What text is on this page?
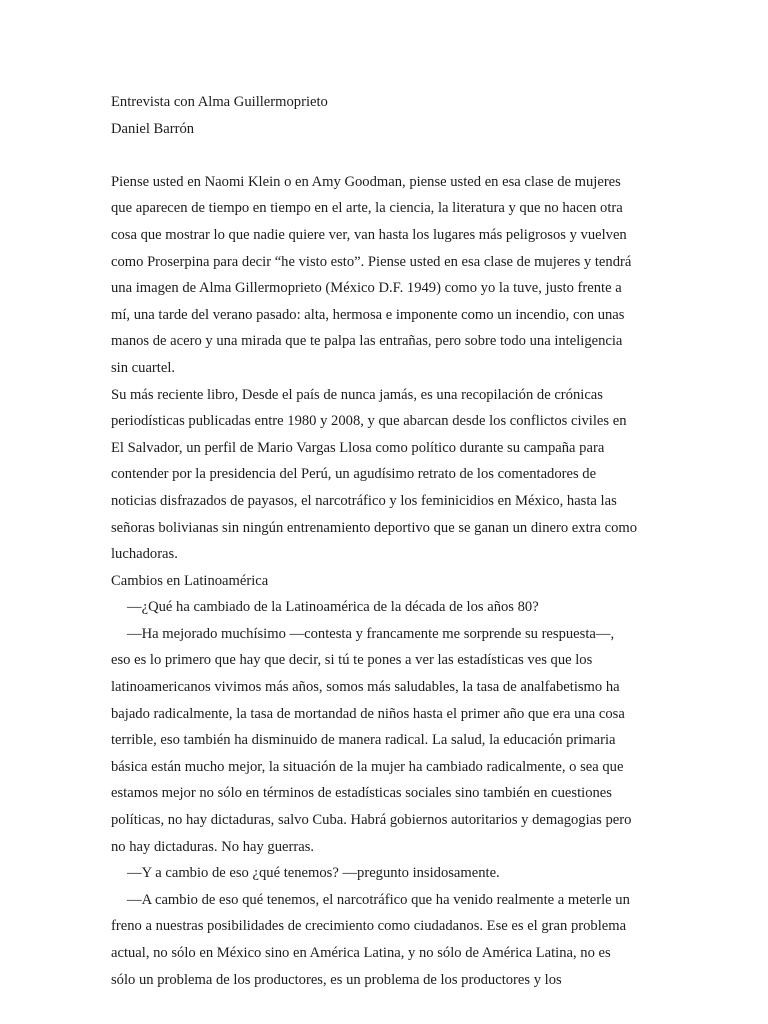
Entrevista con Alma Guillermoprieto
Daniel Barrón
Piense usted en Naomi Klein o en Amy Goodman, piense usted en esa clase de mujeres
que aparecen de tiempo en tiempo en el arte, la ciencia, la literatura y que no hacen otra
cosa que mostrar lo que nadie quiere ver, van hasta los lugares más peligrosos y vuelven
como Proserpina para decir “he visto esto”. Piense usted en esa clase de mujeres y tendrá
una imagen de Alma Gillermoprieto (México D.F. 1949) como yo la tuve, justo frente a
mí, una tarde del verano pasado: alta, hermosa e imponente como un incendio, con unas
manos de acero y una mirada que te palpa las entrañas, pero sobre todo una inteligencia
sin cuartel.
Su más reciente libro, Desde el país de nunca jamás, es una recopilación de crónicas
periodísticas publicadas entre 1980 y 2008, y que abarcan desde los conflictos civiles en
El Salvador, un perfil de Mario Vargas Llosa como político durante su campaña para
contender por la presidencia del Perú, un agudísimo retrato de los comentadores de
noticias disfrazados de payasos, el narcotráfico y los feminicidios en México, hasta las
señoras bolivianas sin ningún entrenamiento deportivo que se ganan un dinero extra como
luchadoras.
Cambios en Latinoamérica
—¿Qué ha cambiado de la Latinoamérica de la década de los años 80?
—Ha mejorado muchísimo —contesta y francamente me sorprende su respuesta—,
eso es lo primero que hay que decir, si tú te pones a ver las estadísticas ves que los
latinoamericanos vivimos más años, somos más saludables, la tasa de analfabetismo ha
bajado radicalmente, la tasa de mortandad de niños hasta el primer año que era una cosa
terrible, eso también ha disminuido de manera radical. La salud, la educación primaria
básica están mucho mejor, la situación de la mujer ha cambiado radicalmente, o sea que
estamos mejor no sólo en términos de estadísticas sociales sino también en cuestiones
políticas, no hay dictaduras, salvo Cuba. Habrá gobiernos autoritarios y demagogias pero
no hay dictaduras. No hay guerras.
—Y a cambio de eso ¿qué tenemos? —pregunto insidosamente.
—A cambio de eso qué tenemos, el narcotráfico que ha venido realmente a meterle un
freno a nuestras posibilidades de crecimiento como ciudadanos. Ese es el gran problema
actual, no sólo en México sino en América Latina, y no sólo de América Latina, no es
sólo un problema de los productores, es un problema de los productores y los
